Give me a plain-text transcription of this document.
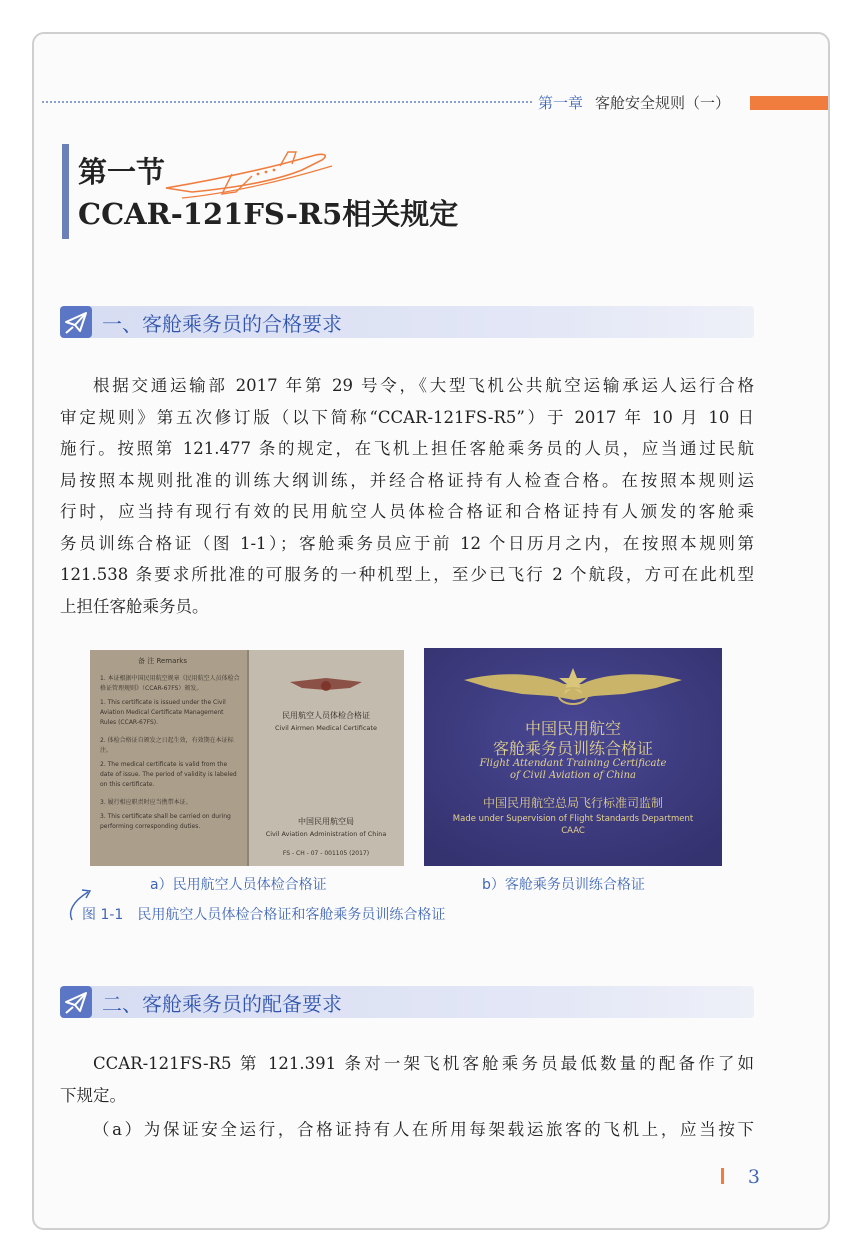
第一章 客舱安全规则（一）
第一节
CCAR-121FS-R5相关规定
一、客舱乘务员的合格要求
根据交通运输部 2017 年第 29 号令，《大型飞机公共航空运输承运人运行合格
审定规则》第五次修订版（以下简称“CCAR-121FS-R5”）于 2017 年 10 月 10 日
施行。按照第 121.477 条的规定，在飞机上担任客舱乘务员的人员，应当通过民航
局按照本规则批准的训练大纲训练，并经合格证持有人检查合格。在按照本规则运
行时，应当持有现行有效的民用航空人员体检合格证和合格证持有人颁发的客舱乘
务员训练合格证（图 1-1）；客舱乘务员应于前 12 个日历月之内，在按照本规则第
121.538 条要求所批准的可服务的一种机型上，至少已飞行 2 个航段，方可在此机型
上担任客舱乘务员。
备 注 Remarks
1. 本证根据中国民用航空规章《民用航空人员体检合格证管理规则》（CCAR-67FS）颁发。
1. This certificate is issued under the Civil Aviation Medical Certificate Management Rules (CCAR-67FS).
2. 体检合格证自颁发之日起生效，有效期在本证标注。
2. The medical certificate is valid from the date of issue. The period of validity is labeled on this certificate.
3. 履行相应职责时应当携带本证。
3. This certificate shall be carried on during performing corresponding duties.
民用航空人员体检合格证
Civil Airmen Medical Certificate
中国民用航空局
Civil Aviation Administration of China
FS - CH - 07 - 001105 (2017)
中国民用航空
客舱乘务员训练合格证
Flight Attendant Training Certificate
of Civil Aviation of China
中国民用航空总局飞行标准司监制
Made under Supervision of Flight Standards Department
CAAC
a）民用航空人员体检合格证	b）客舱乘务员训练合格证
图 1-1 民用航空人员体检合格证和客舱乘务员训练合格证
二、客舱乘务员的配备要求
CCAR-121FS-R5 第 121.391 条对一架飞机客舱乘务员最低数量的配备作了如
下规定。
（a）为保证安全运行，合格证持有人在所用每架载运旅客的飞机上，应当按下
3
